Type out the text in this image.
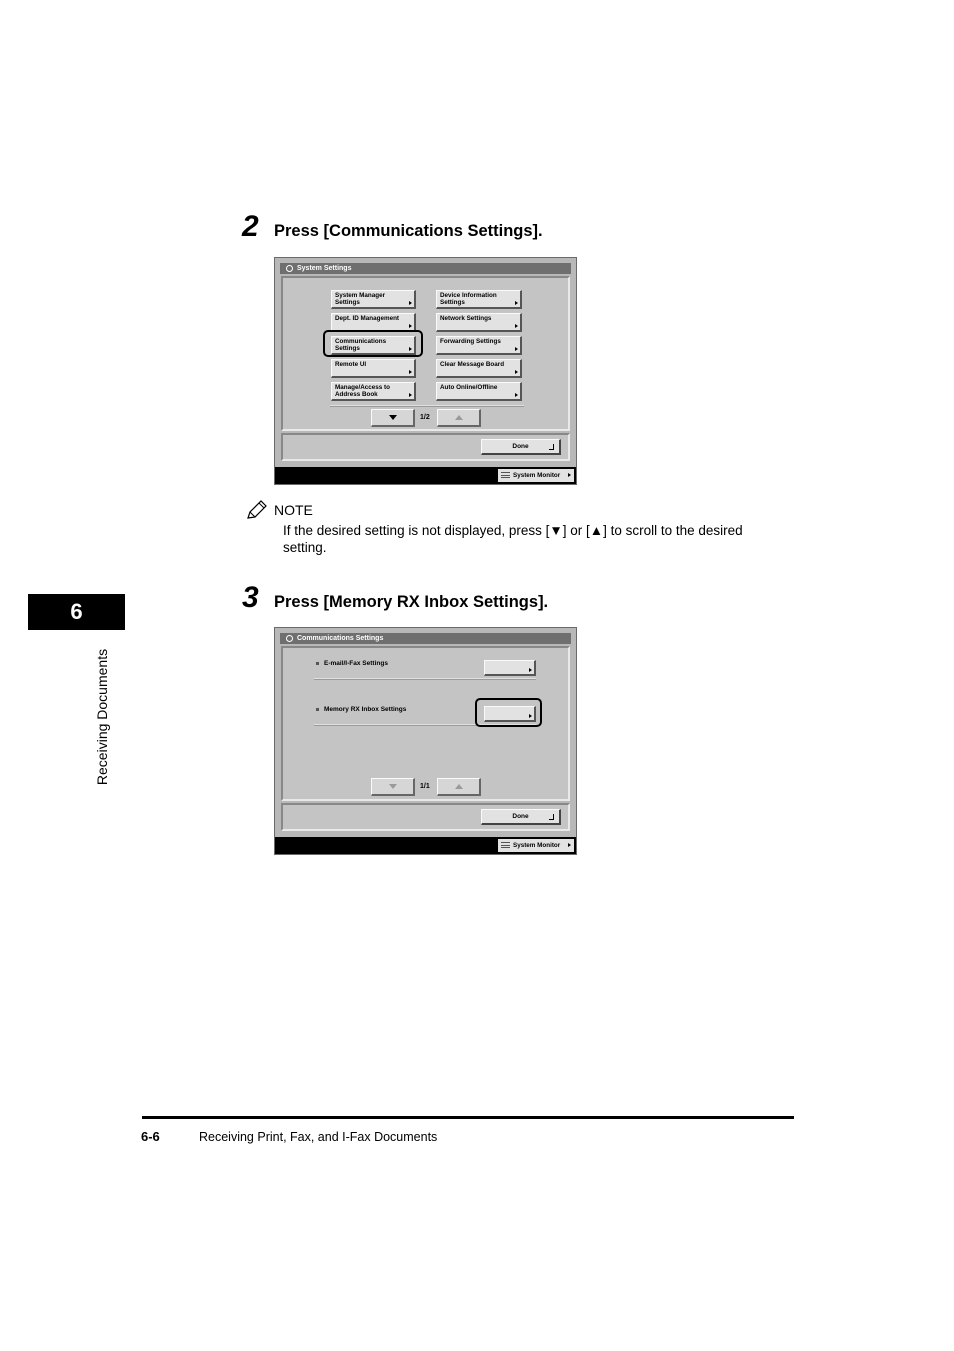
6
Receiving Documents
2 Press [Communications Settings].
System Settings
System Manager
Settings
Dept. ID Management
Communications
Settings
Remote UI
Manage/Access to
Address Book
Device Information
Settings
Network Settings
Forwarding Settings
Clear Message Board
Auto Online/Offline
1/2
Done
System Monitor
NOTE
If the desired setting is not displayed, press [▼] or [▲] to scroll to the desired setting.
3 Press [Memory RX Inbox Settings].
Communications Settings
E-mail/I-Fax Settings
Memory RX Inbox Settings
1/1
Done
System Monitor
6-6	Receiving Print, Fax, and I-Fax Documents
